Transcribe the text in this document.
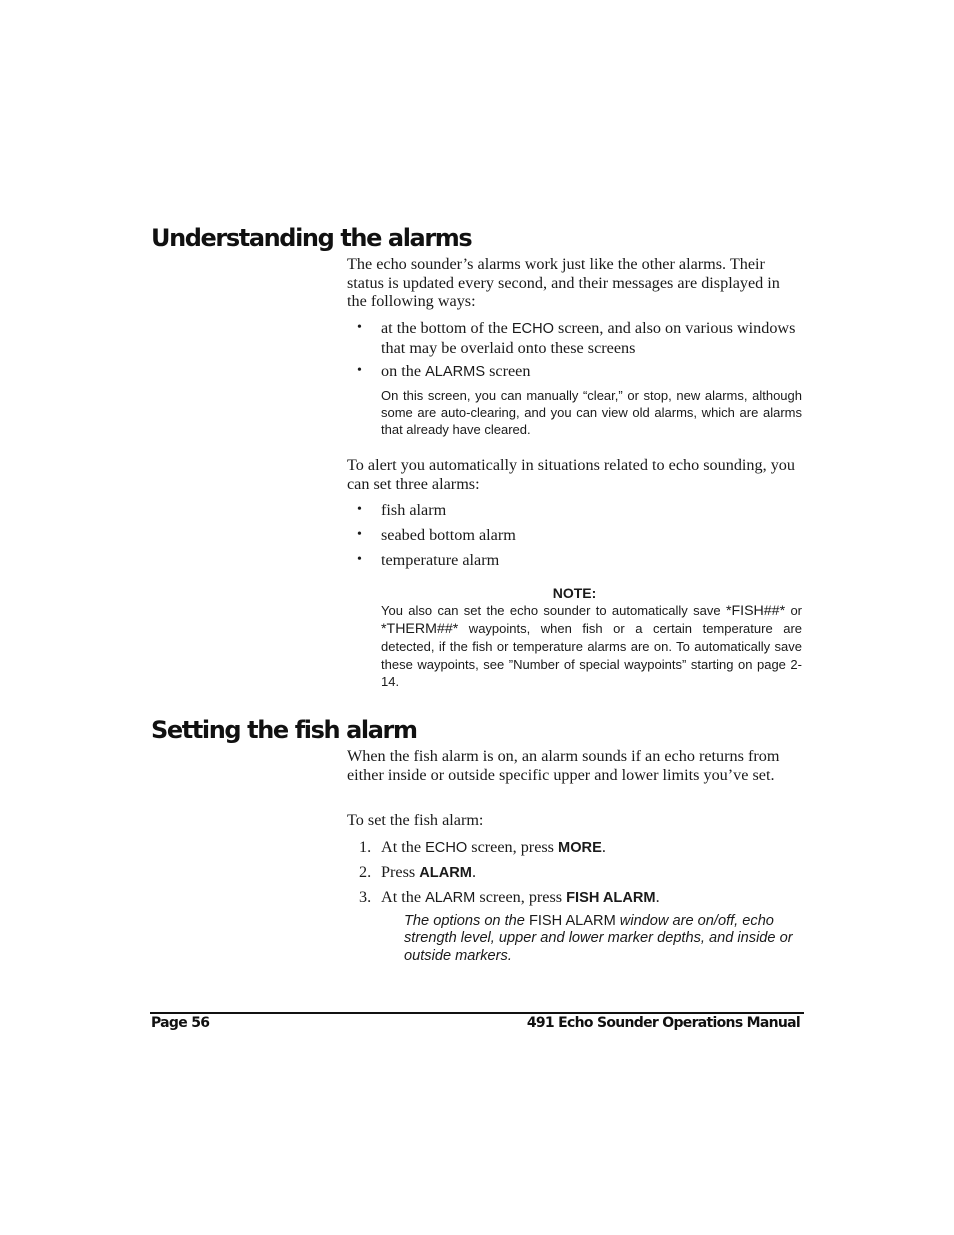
Understanding the alarms

The echo sounder’s alarms work just like the other alarms. Their status is updated every second, and their messages are displayed in the following ways:

• at the bottom of the ECHO screen, and also on various windows that may be overlaid onto these screens

• on the ALARMS screen

On this screen, you can manually “clear,” or stop, new alarms, although some are auto-clearing, and you can view old alarms, which are alarms that already have cleared.

To alert you automatically in situations related to echo sounding, you can set three alarms:

• fish alarm

• seabed bottom alarm

• temperature alarm

NOTE:

You also can set the echo sounder to automatically save *FISH##* or *THERM##* waypoints, when fish or a certain temperature are detected, if the fish or temperature alarms are on. To automatically save these waypoints, see ”Number of special waypoints” starting on page 2-14.

Setting the fish alarm

When the fish alarm is on, an alarm sounds if an echo returns from either inside or outside specific upper and lower limits you’ve set.

To set the fish alarm:

1. At the ECHO screen, press MORE.

2. Press ALARM.

3. At the ALARM screen, press FISH ALARM.

The options on the FISH ALARM window are on/off, echo strength level, upper and lower marker depths, and inside or outside markers.

Page 56	491 Echo Sounder Operations Manual
